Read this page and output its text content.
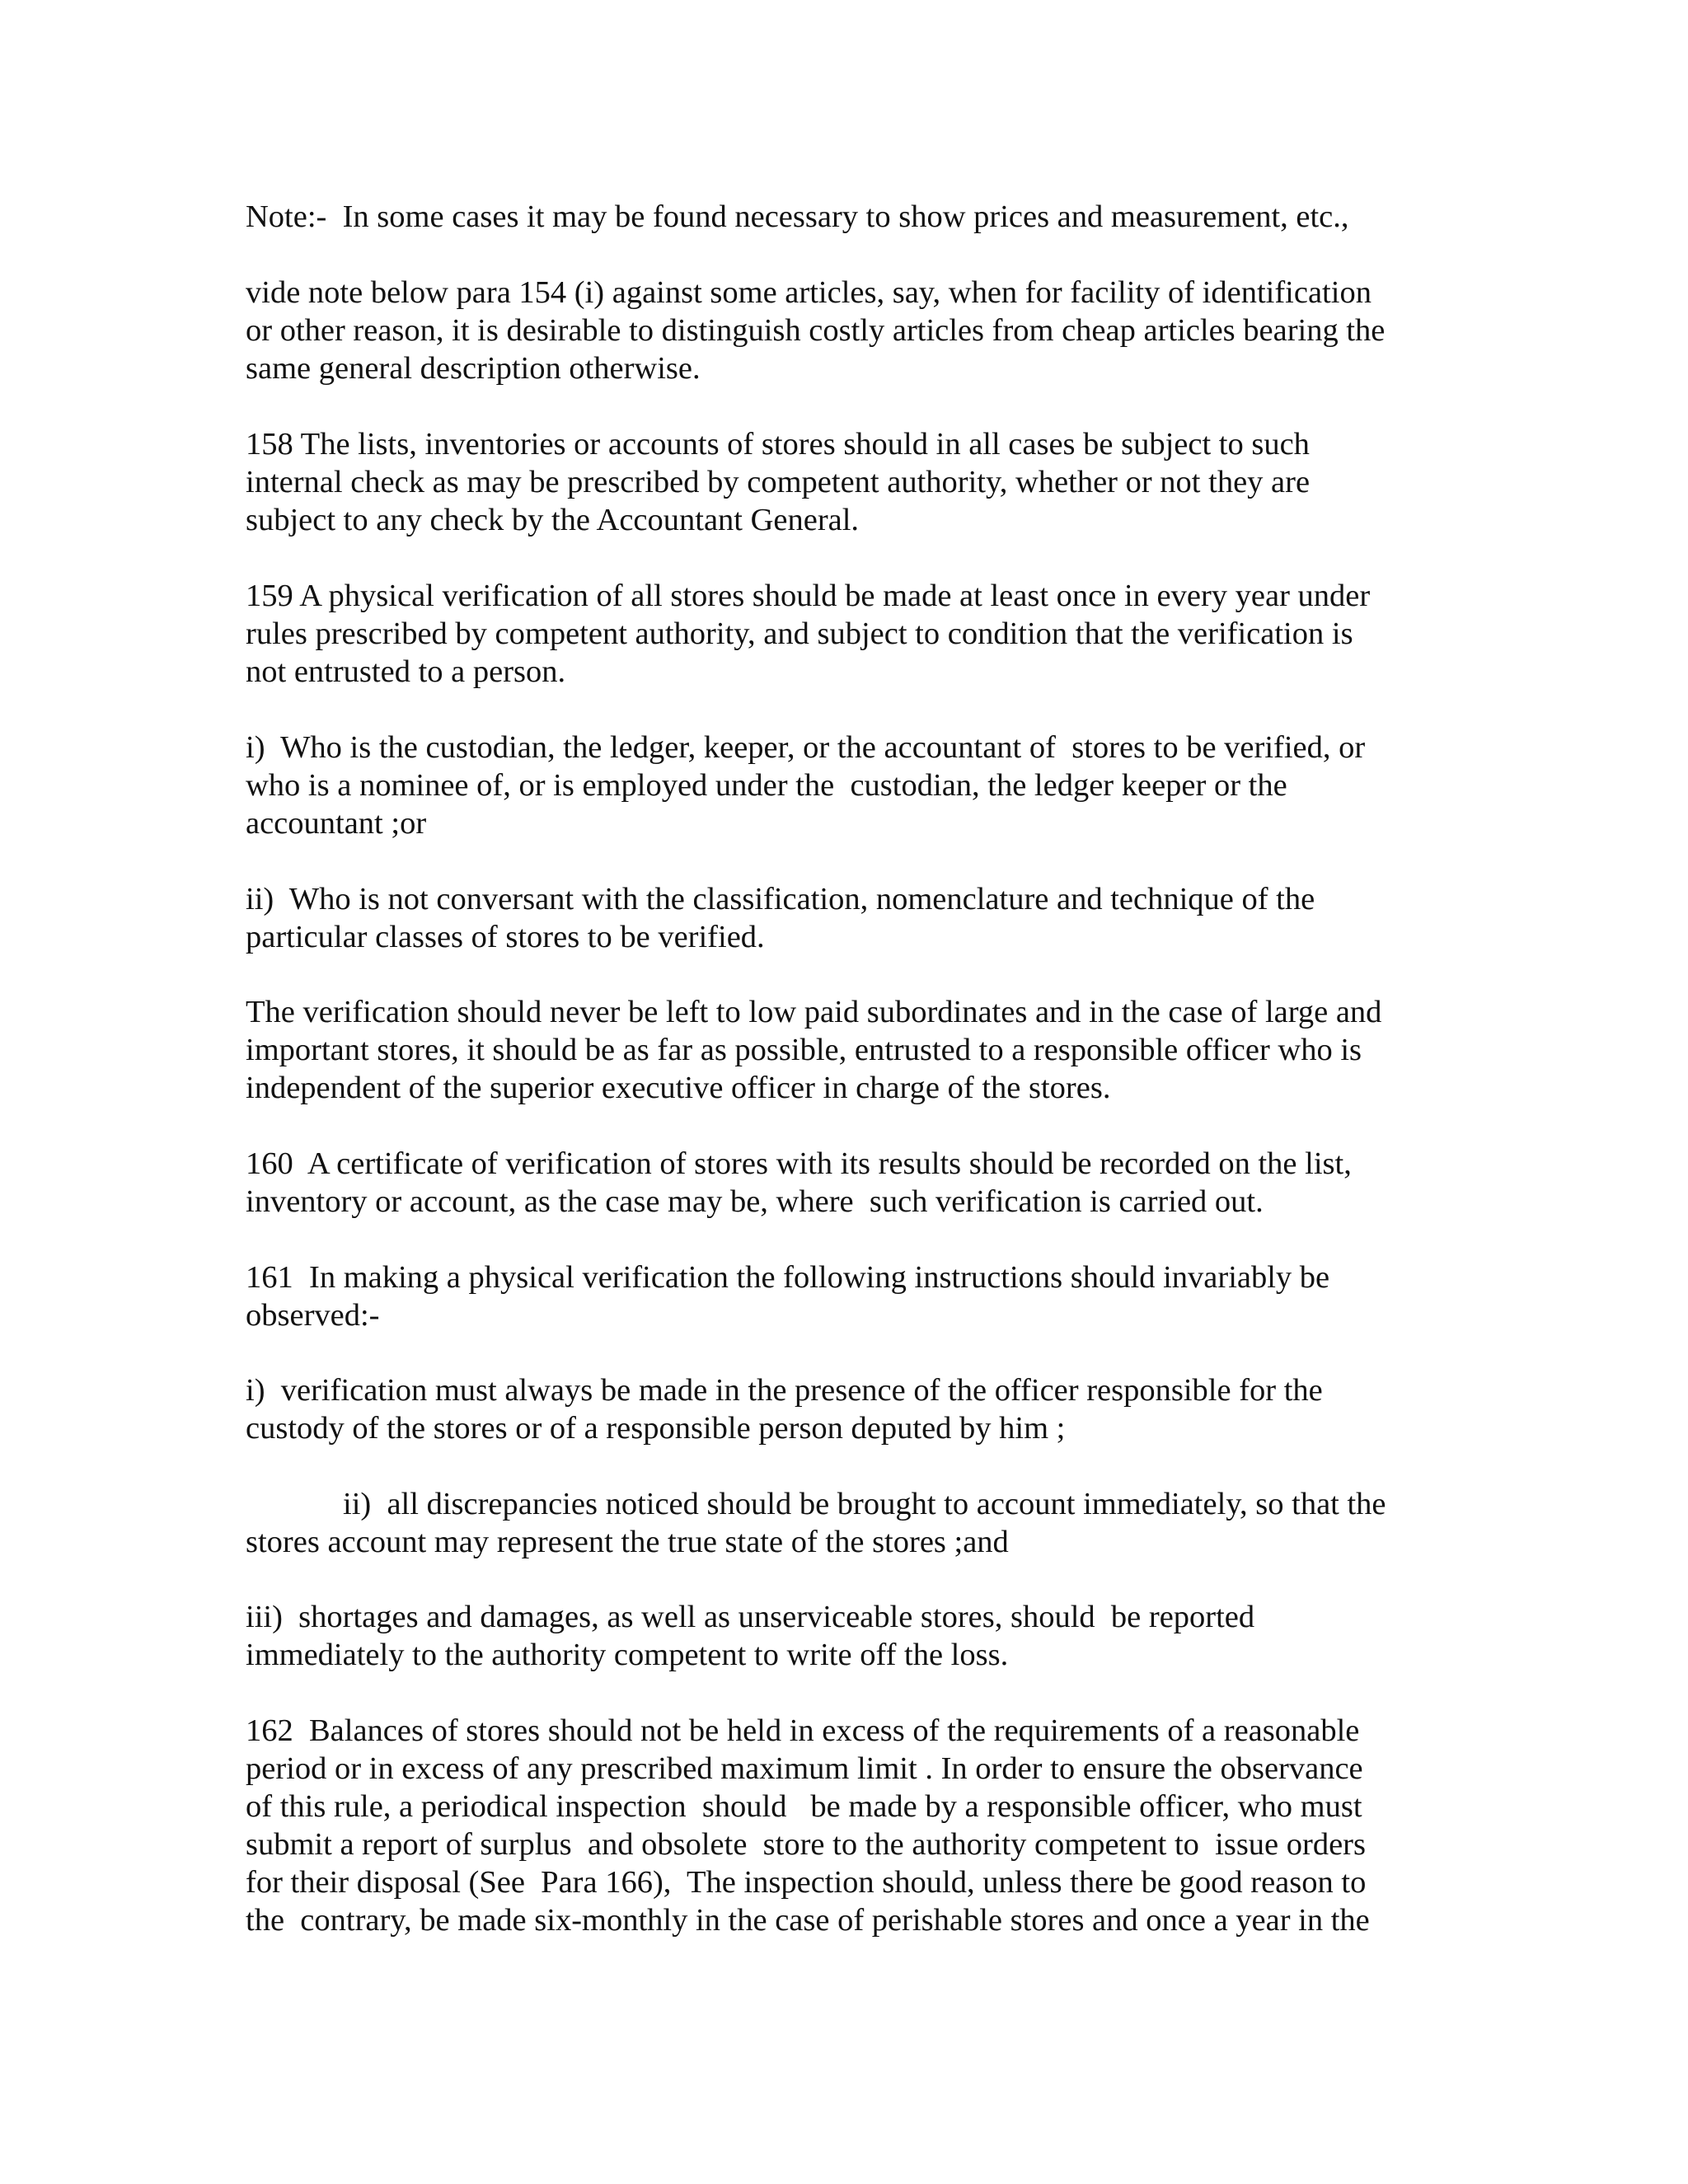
Note:-  In some cases it may be found necessary to show prices and measurement, etc.,

vide note below para 154 (i) against some articles, say, when for facility of identification
or other reason, it is desirable to distinguish costly articles from cheap articles bearing the
same general description otherwise.

158 The lists, inventories or accounts of stores should in all cases be subject to such
internal check as may be prescribed by competent authority, whether or not they are
subject to any check by the Accountant General.

159 A physical verification of all stores should be made at least once in every year under
rules prescribed by competent authority, and subject to condition that the verification is
not entrusted to a person.

i)  Who is the custodian, the ledger, keeper, or the accountant of  stores to be verified, or
who is a nominee of, or is employed under the  custodian, the ledger keeper or the
accountant ;or

ii)  Who is not conversant with the classification, nomenclature and technique of the
particular classes of stores to be verified.

The verification should never be left to low paid subordinates and in the case of large and
important stores, it should be as far as possible, entrusted to a responsible officer who is
independent of the superior executive officer in charge of the stores.

160  A certificate of verification of stores with its results should be recorded on the list,
inventory or account, as the case may be, where  such verification is carried out.

161  In making a physical verification the following instructions should invariably be
observed:-

i)  verification must always be made in the presence of the officer responsible for the
custody of the stores or of a responsible person deputed by him ;

ii)  all discrepancies noticed should be brought to account immediately, so that the
stores account may represent the true state of the stores ;and

iii)  shortages and damages, as well as unserviceable stores, should  be reported
immediately to the authority competent to write off the loss.

162  Balances of stores should not be held in excess of the requirements of a reasonable
period or in excess of any prescribed maximum limit . In order to ensure the observance
of this rule, a periodical inspection  should   be made by a responsible officer, who must
submit a report of surplus  and obsolete  store to the authority competent to  issue orders
for their disposal (See  Para 166),  The inspection should, unless there be good reason to
the  contrary, be made six-monthly in the case of perishable stores and once a year in the
